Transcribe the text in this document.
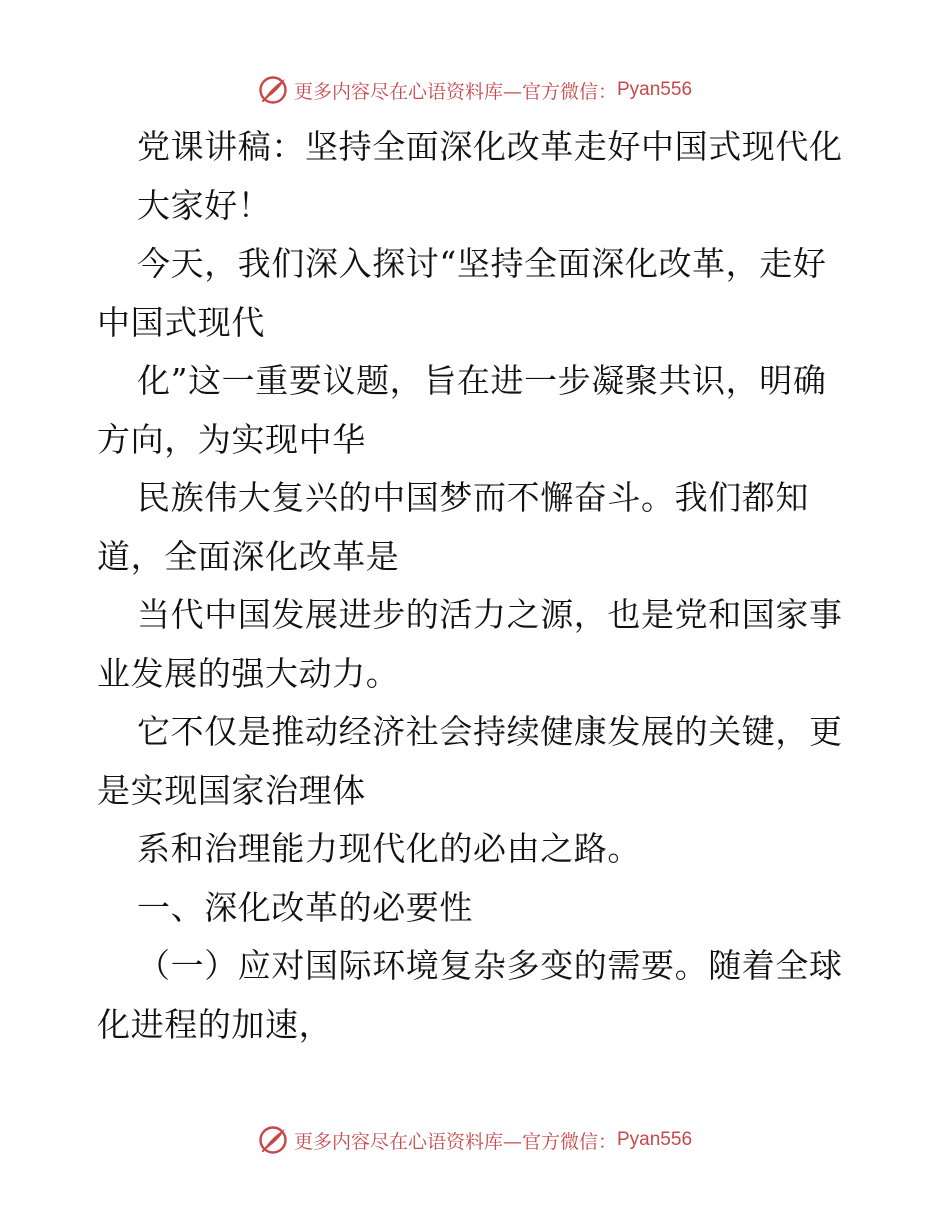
更多内容尽在心语资料库—官方微信： Pyan556
党课讲稿：坚持全面深化改革走好中国式现代化
大家好！
今天，我们深入探讨“坚持全面深化改革，走好
中国式现代
化”这一重要议题，旨在进一步凝聚共识，明确
方向，为实现中华
民族伟大复兴的中国梦而不懈奋斗。我们都知
道，全面深化改革是
当代中国发展进步的活力之源，也是党和国家事
业发展的强大动力。
它不仅是推动经济社会持续健康发展的关键，更
是实现国家治理体
系和治理能力现代化的必由之路。
一、深化改革的必要性
（一）应对国际环境复杂多变的需要。随着全球
化进程的加速，
更多内容尽在心语资料库—官方微信： Pyan556
